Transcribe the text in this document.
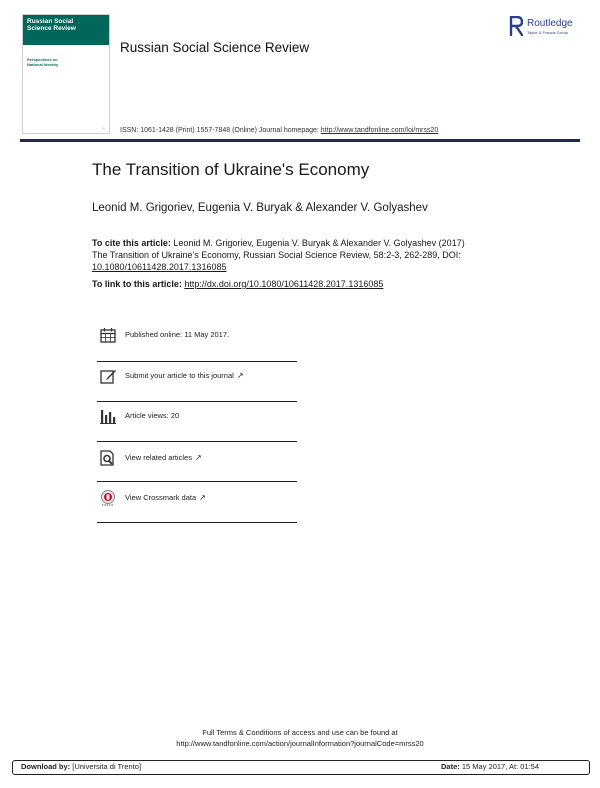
Russian Social
Science Review
Perspectives on
National Identity
▪▪▪
Russian Social Science Review
Routledge
Taylor & Francis Group
ISSN: 1061-1428 (Print) 1557-7848 (Online) Journal homepage: http://www.tandfonline.com/loi/mrss20
The Transition of Ukraine's Economy
Leonid M. Grigoriev, Eugenia V. Buryak & Alexander V. Golyashev
To cite this article: Leonid M. Grigoriev, Eugenia V. Buryak & Alexander V. Golyashev (2017)
The Transition of Ukraine's Economy, Russian Social Science Review, 58:2-3, 262-289, DOI:
10.1080/10611428.2017.1316085
To link to this article: http://dx.doi.org/10.1080/10611428.2017.1316085
Published online: 11 May 2017.
Submit your article to this journal ↗
Article views: 20
View related articles ↗
View Crossmark data ↗
Full Terms & Conditions of access and use can be found at
http://www.tandfonline.com/action/journalInformation?journalCode=mrss20
Download by: [Universita di Trento]	Date: 15 May 2017, At: 01:54
